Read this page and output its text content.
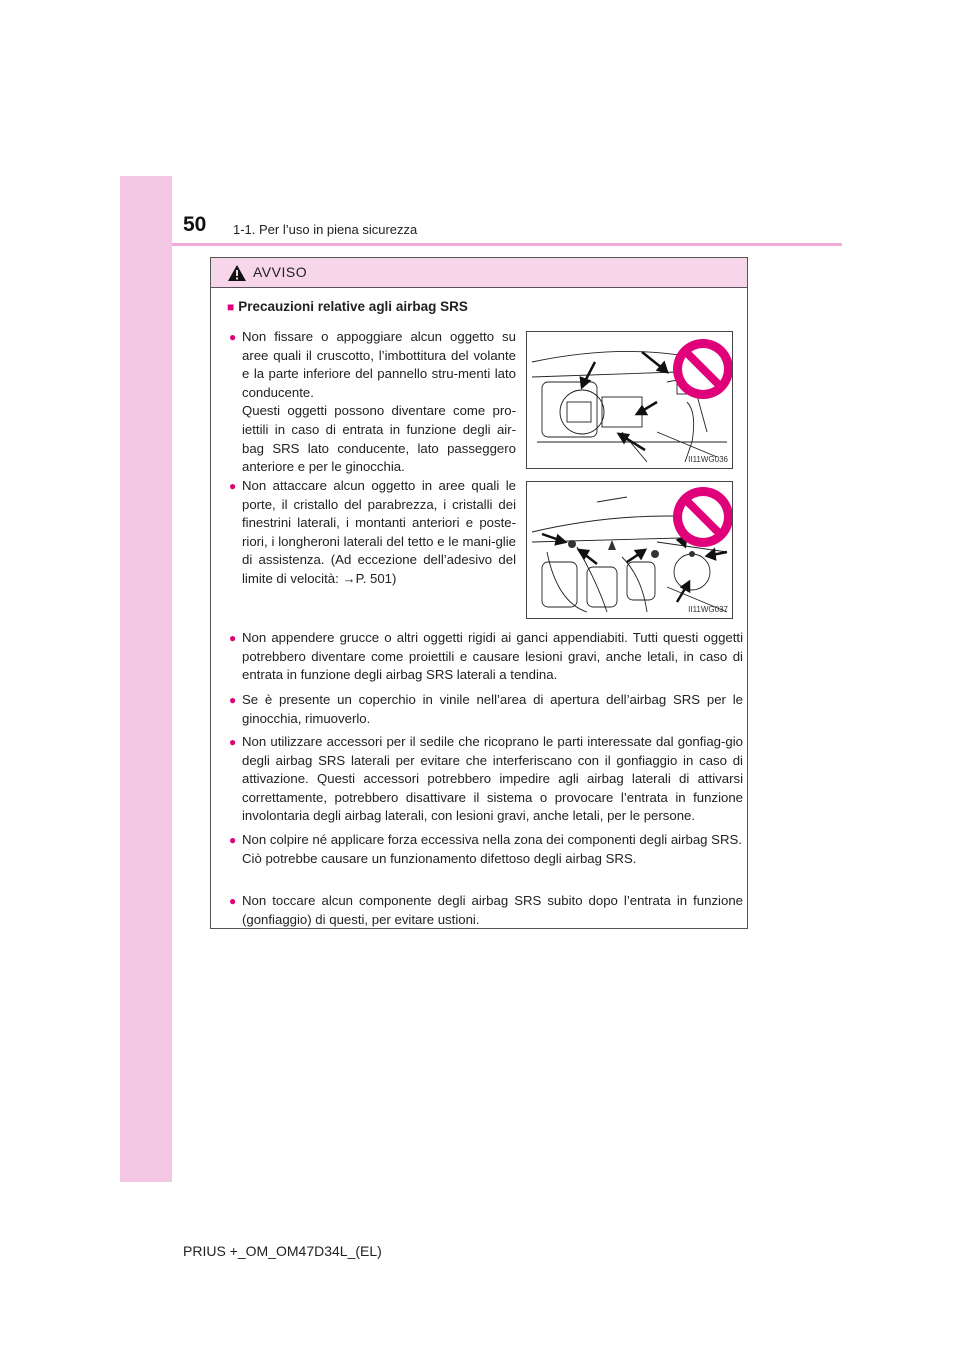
50 1-1. Per l’uso in piena sicurezza
AVVISO
■ Precauzioni relative agli airbag SRS
● Non fissare o appoggiare alcun oggetto su aree quali il cruscotto, l’imbottitura del volante e la parte inferiore del pannello stru-menti lato conducente.
Questi oggetti possono diventare come pro-iettili in caso di entrata in funzione degli air-bag SRS lato conducente, lato passeggero anteriore e per le ginocchia.	II11WG036
● Non attaccare alcun oggetto in aree quali le porte, il cristallo del parabrezza, i cristalli dei finestrini laterali, i montanti anteriori e poste-riori, i longheroni laterali del tetto e le mani-glie di assistenza. (Ad eccezione dell’adesivo del limite di velocità: →P. 501)
II11WG037
● Non appendere grucce o altri oggetti rigidi ai ganci appendiabiti. Tutti questi oggetti potrebbero diventare come proiettili e causare lesioni gravi, anche letali, in caso di entrata in funzione degli airbag SRS laterali a tendina.
● Se è presente un coperchio in vinile nell’area di apertura dell’airbag SRS per le ginocchia, rimuoverlo.
● Non utilizzare accessori per il sedile che ricoprano le parti interessate dal gonfiag-gio degli airbag SRS laterali per evitare che interferiscano con il gonfiaggio in caso di attivazione. Questi accessori potrebbero impedire agli airbag laterali di attivarsi correttamente, potrebbero disattivare il sistema o provocare l’entrata in funzione involontaria degli airbag laterali, con lesioni gravi, anche letali, per le persone.
● Non colpire né applicare forza eccessiva nella zona dei componenti degli airbag SRS.
Ciò potrebbe causare un funzionamento difettoso degli airbag SRS.
● Non toccare alcun componente degli airbag SRS subito dopo l’entrata in funzione (gonfiaggio) di questi, per evitare ustioni.
PRIUS +_OM_OM47D34L_(EL)
